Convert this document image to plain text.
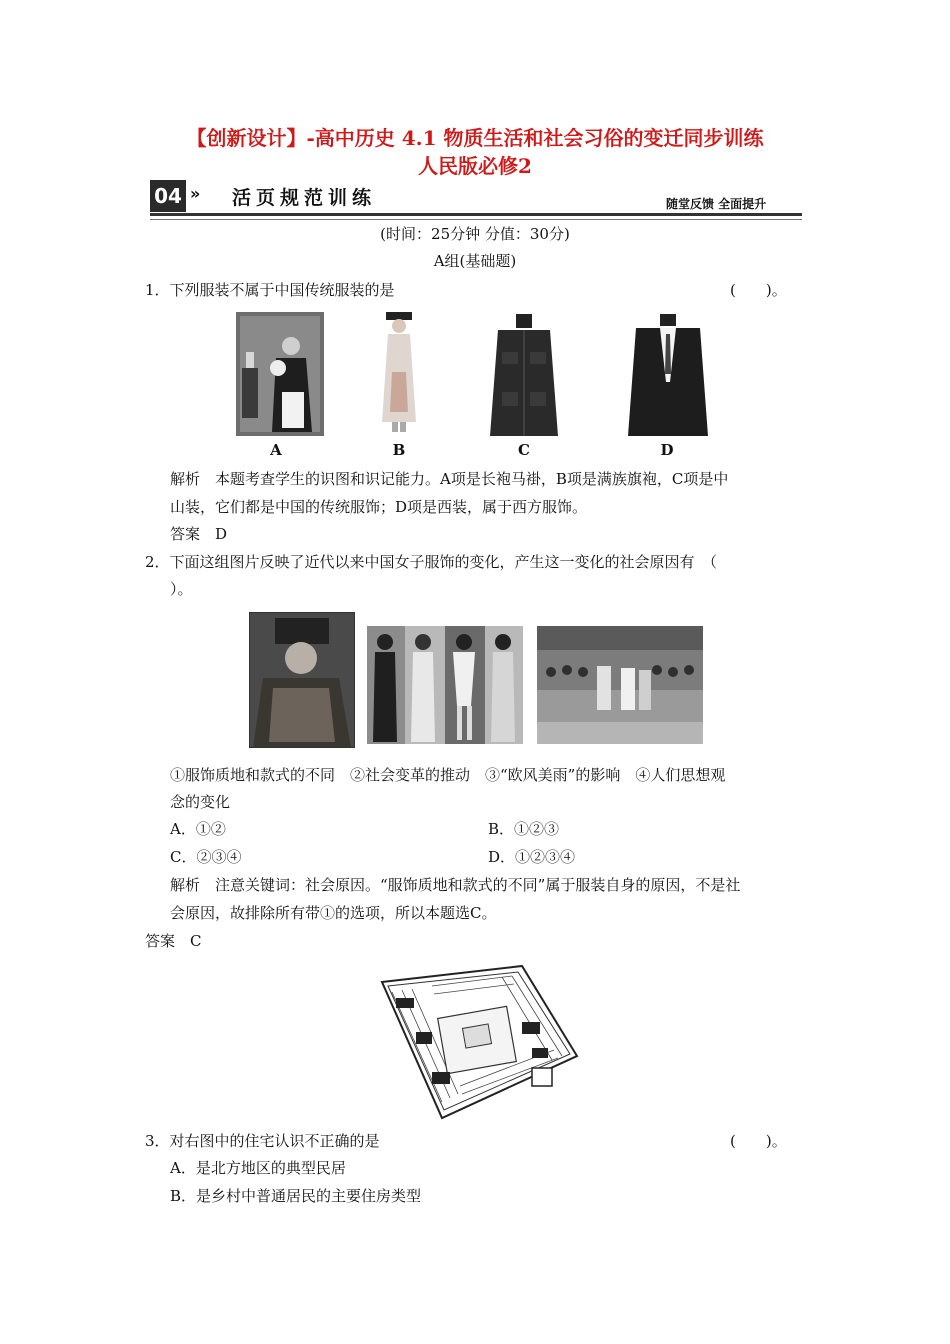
【创新设计】-高中历史 4.1 物质生活和社会习俗的变迁同步训练
人民版必修2
04 » 活页规范训练	随堂反馈 全面提升
(时间：25分钟 分值：30分)
A组(基础题)
1．下列服装不属于中国传统服装的是	(　　)。
A	B	C	D
解析　本题考查学生的识图和识记能力。A项是长袍马褂，B项是满族旗袍，C项是中
山装，它们都是中国的传统服饰；D项是西装，属于西方服饰。
答案　D
2．下面这组图片反映了近代以来中国女子服饰的变化，产生这一变化的社会原因有　（
）。
①服饰质地和款式的不同　②社会变革的推动　③“欧风美雨”的影响　④人们思想观
念的变化
A．①②	B．①②③
C．②③④	D．①②③④
解析　注意关键词：社会原因。“服饰质地和款式的不同”属于服装自身的原因，不是社
会原因，故排除所有带①的选项，所以本题选C。
答案　C
3．对右图中的住宅认识不正确的是	(　　)。
A．是北方地区的典型民居
B．是乡村中普通居民的主要住房类型
